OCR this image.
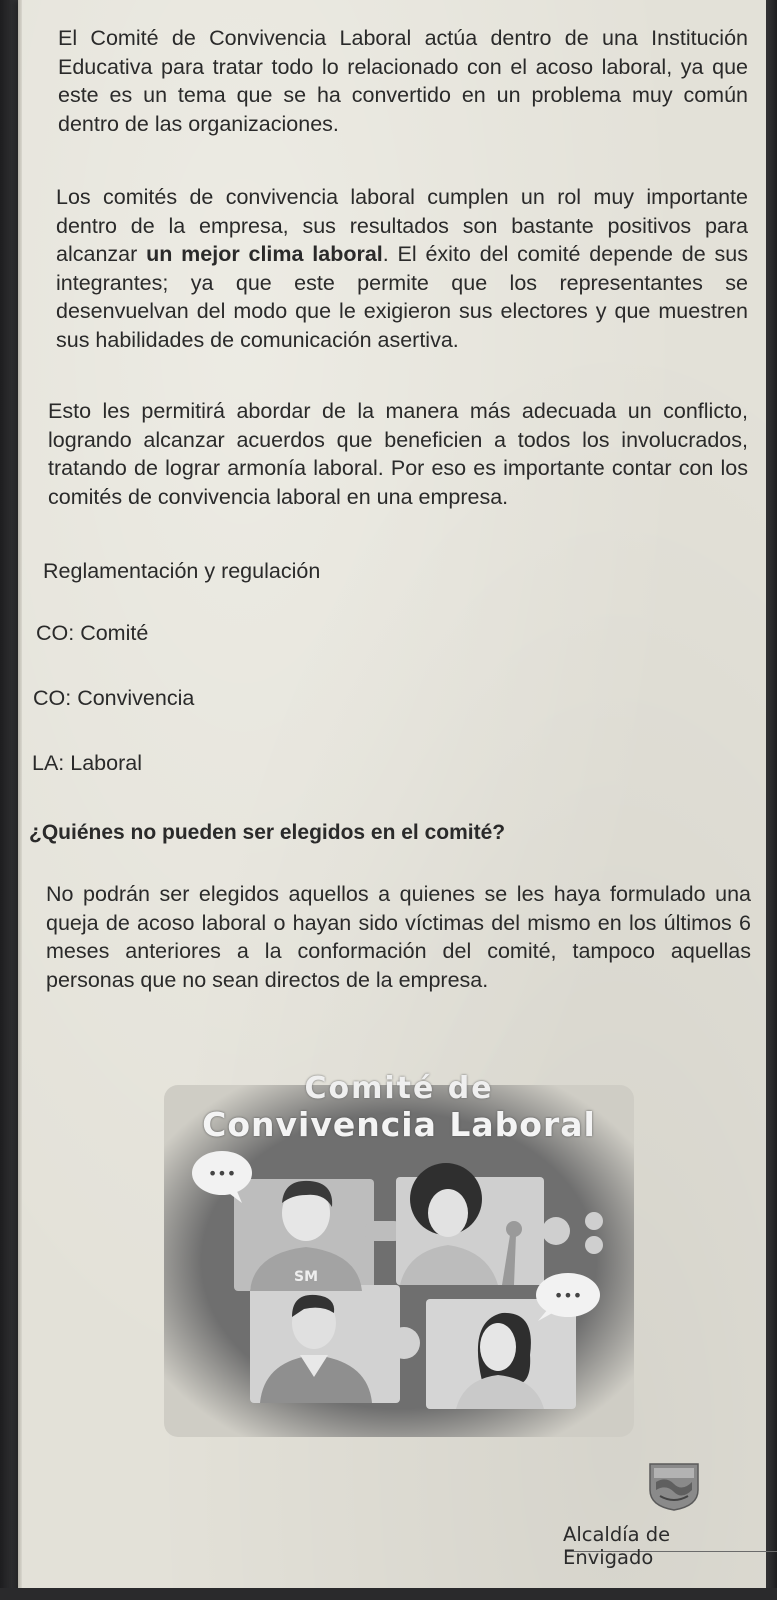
El Comité de Convivencia Laboral actúa dentro de una Institución Educativa para tratar todo lo relacionado con el acoso laboral, ya que este es un tema que se ha convertido en un problema muy común dentro de las organizaciones.
Los comités de convivencia laboral cumplen un rol muy importante dentro de la empresa, sus resultados son bastante positivos para alcanzar un mejor clima laboral. El éxito del comité depende de sus integrantes; ya que este permite que los representantes se desenvuelvan del modo que le exigieron sus electores y que muestren sus habilidades de comunicación asertiva.
Esto les permitirá abordar de la manera más adecuada un conflicto, logrando alcanzar acuerdos que beneficien a todos los involucrados, tratando de lograr armonía laboral. Por eso es importante contar con los comités de convivencia laboral en una empresa.
Reglamentación y regulación
CO: Comité
CO: Convivencia
LA: Laboral
¿Quiénes no pueden ser elegidos en el comité?
No podrán ser elegidos aquellos a quienes se les haya formulado una queja de acoso laboral o hayan sido víctimas del mismo en los últimos 6 meses anteriores a la conformación del comité, tampoco aquellas personas que no sean directos de la empresa.
•••
•••
SM
Comité de
Convivencia Laboral
Alcaldía de Envigado
